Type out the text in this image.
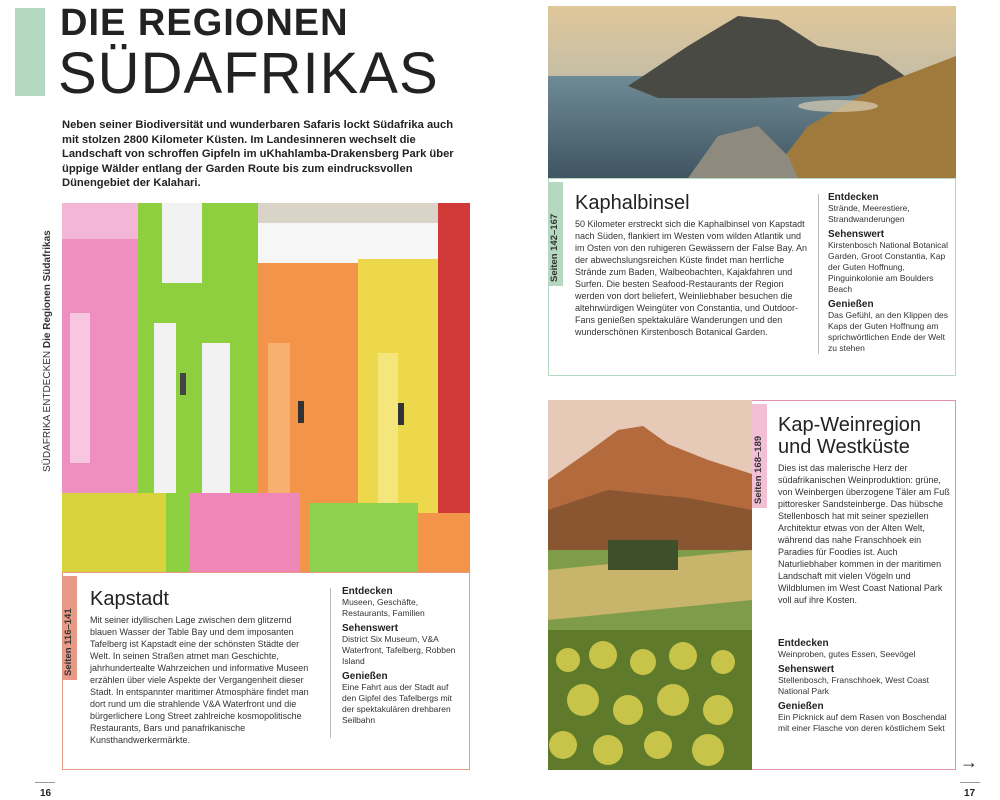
DIE REGIONEN
SÜDAFRIKAS
SÜDAFRIKA ENTDECKEN Die Regionen Südafrikas
Neben seiner Biodiversität und wunderbaren Safaris lockt Südafrika auch mit stolzen 2800 Kilometer Küsten. Im Landesinneren wechselt die Landschaft von schroffen Gipfeln im uKhahlamba-Drakensberg Park über üppige Wälder entlang der Garden Route bis zum eindrucksvollen Dünengebiet der Kalahari.
Seiten 116–141
Kapstadt
Mit seiner idyllischen Lage zwischen dem glitzernd blauen Wasser der Table Bay und dem imposanten Tafelberg ist Kapstadt eine der schönsten Städte der Welt. In seinen Straßen atmet man Geschichte, jahrhundertealte Wahrzeichen und informative Museen erzählen über viele Aspekte der Vergangenheit dieser Stadt. In entspannter maritimer Atmosphäre findet man dort rund um die strahlende V&A Waterfront und die bürgerlichere Long Street zahlreiche kosmopolitische Restaurants, Bars und panafrikanische Kunsthandwerkermärkte.
Entdecken
Museen, Geschäfte, Restaurants, Familien
Sehenswert
District Six Museum, V&A Waterfront, Tafelberg, Robben Island
Genießen
Eine Fahrt aus der Stadt auf den Gipfel des Tafelbergs mit der spektakulären drehbaren Seilbahn
Seiten 142–167
Kaphalbinsel
50 Kilometer erstreckt sich die Kaphalbinsel von Kapstadt nach Süden, flankiert im Westen vom wilden Atlantik und im Osten von den ruhigeren Gewässern der False Bay. An der abwechslungsreichen Küste findet man herrliche Strände zum Baden, Walbeobachten, Kajakfahren und Surfen. Die besten Seafood-Restaurants der Region werden von dort beliefert, Weinliebhaber besuchen die altehrwürdigen Weingüter von Constantia, und Outdoor-Fans genießen spektakuläre Wanderungen und den wunderschönen Kirstenbosch Botanical Garden.
Entdecken
Strände, Meerestiere, Strandwanderungen
Sehenswert
Kirstenbosch National Botanical Garden, Groot Constantia, Kap der Guten Hoffnung, Pinguinkolonie am Boulders Beach
Genießen
Das Gefühl, an den Klippen des Kaps der Guten Hoffnung am sprichwörtlichen Ende der Welt zu stehen
Seiten 168–189
Kap-Weinregion und Westküste
Dies ist das malerische Herz der südafrikanischen Weinproduktion: grüne, von Weinbergen überzogene Täler am Fuß pittoresker Sandsteinberge. Das hübsche Stellenbosch hat mit seiner speziellen Architektur etwas von der Alten Welt, während das nahe Franschhoek ein Paradies für Foodies ist. Auch Naturliebhaber kommen in der maritimen Landschaft mit vielen Vögeln und Wildblumen im West Coast National Park voll auf ihre Kosten.
Entdecken
Weinproben, gutes Essen, Seevögel
Sehenswert
Stellenbosch, Franschhoek, West Coast National Park
Genießen
Ein Picknick auf dem Rasen von Boschendal mit einer Flasche von deren köstlichem Sekt
16	17
→
